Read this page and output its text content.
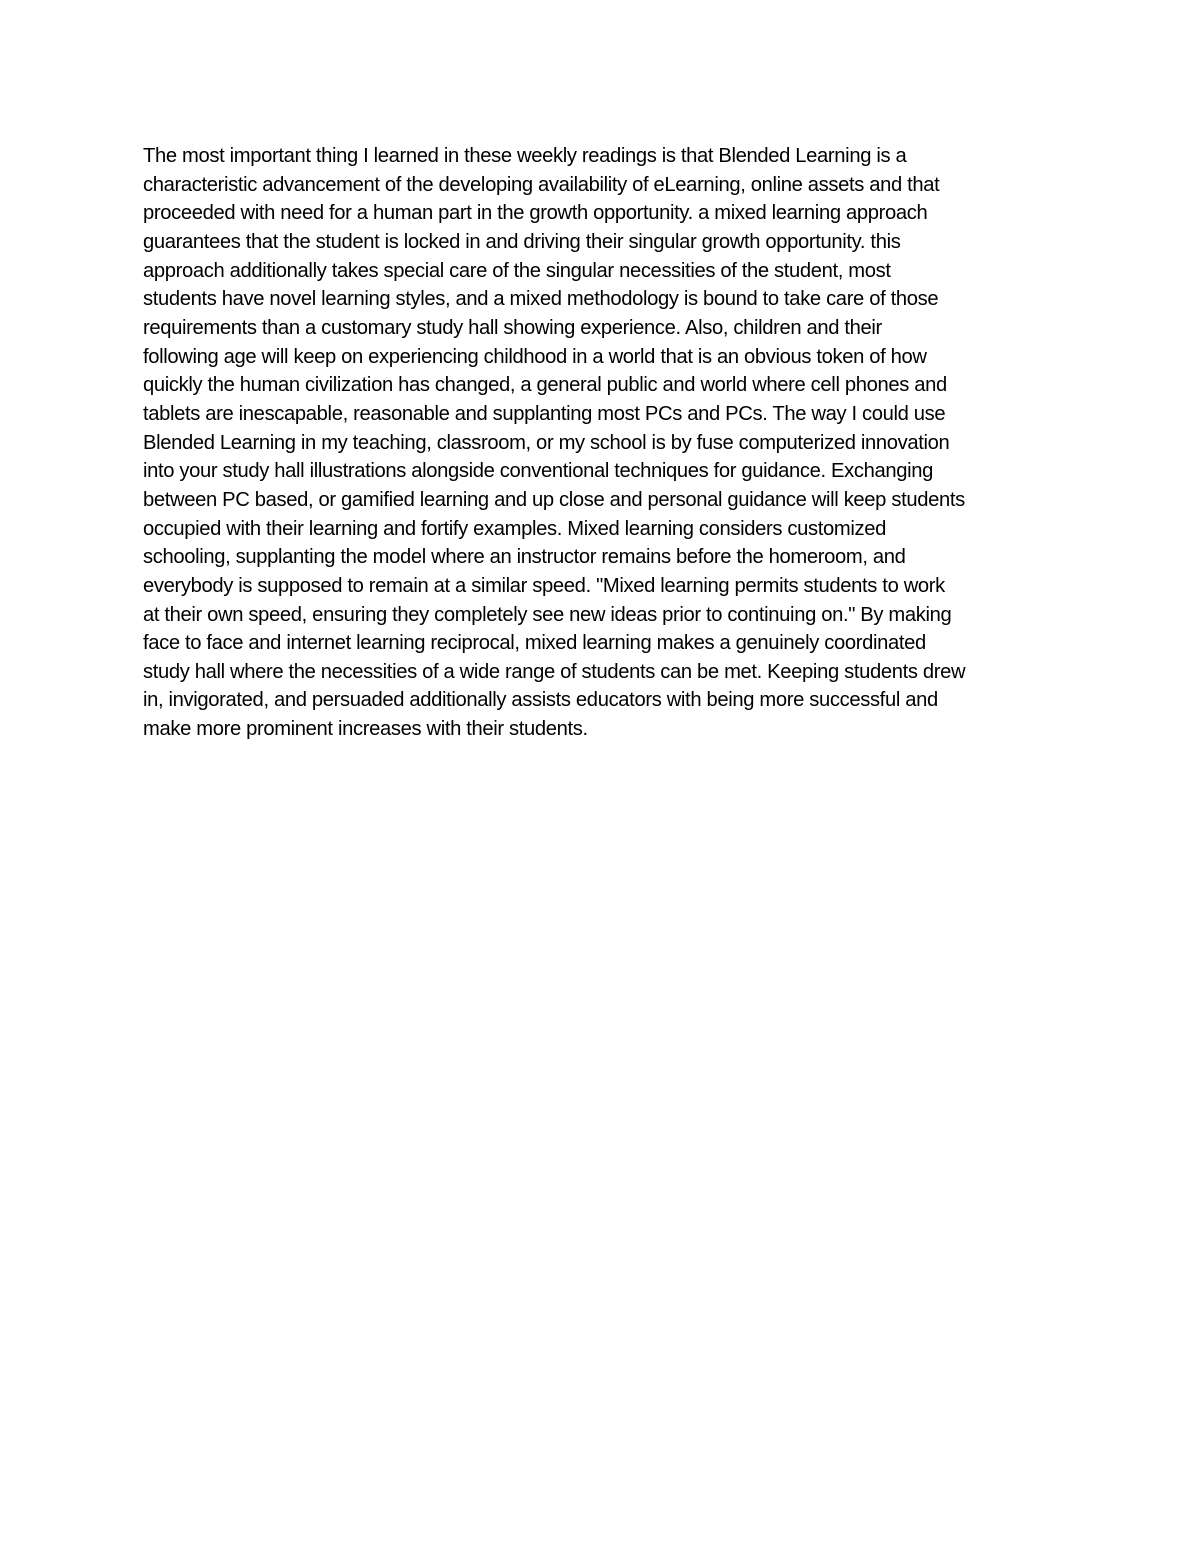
The most important thing I learned in these weekly readings is that Blended Learning is a
characteristic advancement of the developing availability of eLearning, online assets and that
proceeded with need for a human part in the growth opportunity. a mixed learning approach
guarantees that the student is locked in and driving their singular growth opportunity. this
approach additionally takes special care of the singular necessities of the student, most
students have novel learning styles, and a mixed methodology is bound to take care of those
requirements than a customary study hall showing experience. Also, children and their
following age will keep on experiencing childhood in a world that is an obvious token of how
quickly the human civilization has changed, a general public and world where cell phones and
tablets are inescapable, reasonable and supplanting most PCs and PCs. The way I could use
Blended Learning in my teaching, classroom, or my school is by fuse computerized innovation
into your study hall illustrations alongside conventional techniques for guidance. Exchanging
between PC based, or gamified learning and up close and personal guidance will keep students
occupied with their learning and fortify examples. Mixed learning considers customized
schooling, supplanting the model where an instructor remains before the homeroom, and
everybody is supposed to remain at a similar speed. "Mixed learning permits students to work
at their own speed, ensuring they completely see new ideas prior to continuing on." By making
face to face and internet learning reciprocal, mixed learning makes a genuinely coordinated
study hall where the necessities of a wide range of students can be met. Keeping students drew
in, invigorated, and persuaded additionally assists educators with being more successful and
make more prominent increases with their students.
